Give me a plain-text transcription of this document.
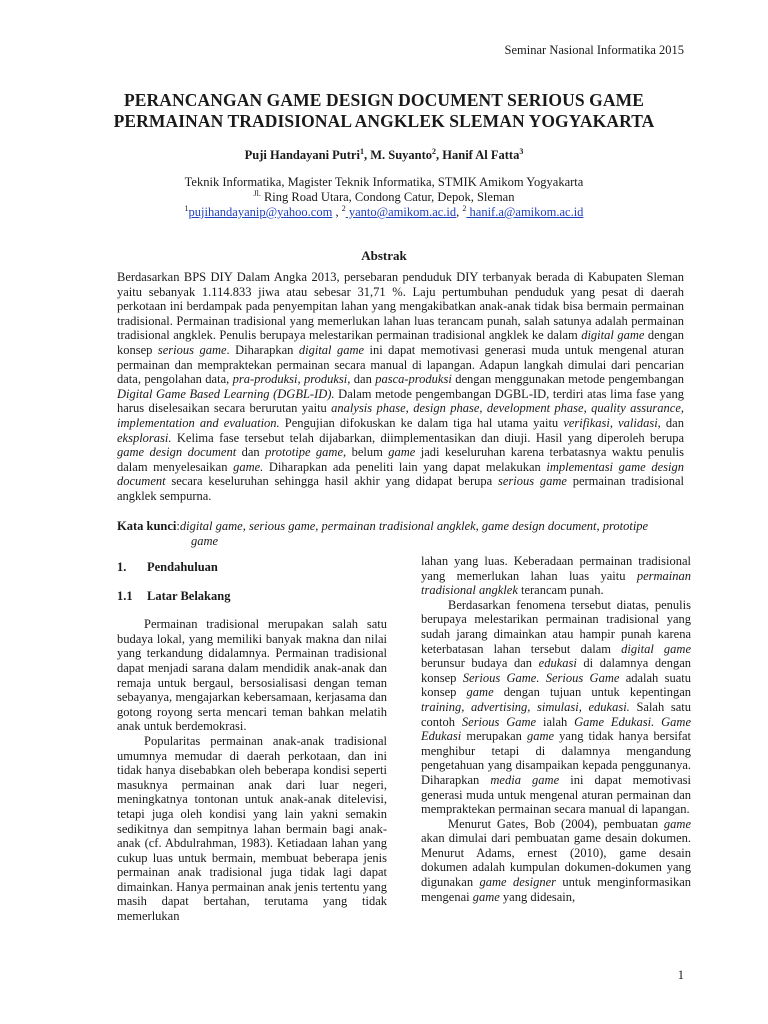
Seminar Nasional Informatika 2015
PERANCANGAN GAME DESIGN DOCUMENT SERIOUS GAME
PERMAINAN TRADISIONAL ANGKLEK SLEMAN YOGYAKARTA
Puji Handayani Putri$^1$, M. Suyanto$^2$, Hanif Al Fatta$^3$
Teknik Informatika, Magister Teknik Informatika, STMIK Amikom Yogyakarta
$^{Jl.}$ Ring Road Utara, Condong Catur, Depok, Sleman
$^1$pujihandayanip@yahoo.com , $^2$ yanto@amikom.ac.id, $^2$ hanif.a@amikom.ac.id
Abstrak

Berdasarkan BPS DIY Dalam Angka 2013, persebaran penduduk DIY terbanyak berada di Kabupaten Sleman yaitu sebanyak 1.114.833 jiwa atau sebesar 31,71 %. Laju pertumbuhan penduduk yang pesat di daerah perkotaan ini berdampak pada penyempitan lahan yang mengakibatkan anak-anak tidak bisa bermain permainan tradisional. Permainan tradisional yang memerlukan lahan luas terancam punah, salah satunya adalah permainan tradisional angklek. Penulis berupaya melestarikan permainan tradisional angklek ke dalam digital game dengan konsep serious game. Diharapkan digital game ini dapat memotivasi generasi muda untuk mengenal aturan permainan dan mempraktekan permainan secara manual di lapangan. Adapun langkah dimulai dari pencarian data, pengolahan data, pra-produksi, produksi, dan pasca-produksi dengan menggunakan metode pengembangan Digital Game Based Learning (DGBL-ID). Dalam metode pengembangan DGBL-ID, terdiri atas lima fase yang harus diselesaikan secara berurutan yaitu analysis phase, design phase, development phase, quality assurance, implementation and evaluation. Pengujian difokuskan ke dalam tiga hal utama yaitu verifikasi, validasi, dan eksplorasi. Kelima fase tersebut telah dijabarkan, diimplementasikan dan diuji. Hasil yang diperoleh berupa game design document dan prototipe game, belum game jadi keseluruhan karena terbatasnya waktu penulis dalam menyelesaikan game. Diharapkan ada peneliti lain yang dapat melakukan implementasi game design document secara keseluruhan sehingga hasil akhir yang didapat berupa serious game permainan tradisional angklek sempurna.

Kata kunci : digital game, serious game, permainan tradisional angklek, game design document, prototipe
game
1.	Pendahuluan
1.1	Latar Belakang

Permainan tradisional merupakan salah satu budaya lokal, yang memiliki banyak makna dan nilai yang terkandung didalamnya. Permainan tradisional dapat menjadi sarana dalam mendidik anak-anak dan remaja untuk bergaul, bersosialisasi dengan teman sebayanya, mengajarkan kebersamaan, kerjasama dan gotong royong serta mencari teman bahkan melatih anak untuk berdemokrasi.

Popularitas permainan anak-anak tradisional umumnya memudar di daerah perkotaan, dan ini tidak hanya disebabkan oleh beberapa kondisi seperti masuknya permainan anak dari luar negeri, meningkatnya tontonan untuk anak-anak ditelevisi, tetapi juga oleh kondisi yang lain yakni semakin sedikitnya dan sempitnya lahan bermain bagi anak-anak (cf. Abdulrahman, 1983). Ketiadaan lahan yang cukup luas untuk bermain, membuat beberapa jenis permainan anak tradisional juga tidak lagi dapat dimainkan. Hanya permainan anak jenis tertentu yang masih dapat bertahan, terutama yang tidak memerlukan

lahan yang luas. Keberadaan permainan tradisional yang memerlukan lahan luas yaitu permainan tradisional angklek terancam punah.

Berdasarkan fenomena tersebut diatas, penulis berupaya melestarikan permainan tradisional yang sudah jarang dimainkan atau hampir punah karena keterbatasan lahan tersebut dalam digital game berunsur budaya dan edukasi di dalamnya dengan konsep Serious Game. Serious Game adalah suatu konsep game dengan tujuan untuk kepentingan training, advertising, simulasi, edukasi. Salah satu contoh Serious Game ialah Game Edukasi. Game Edukasi merupakan game yang tidak hanya bersifat menghibur tetapi di dalamnya mengandung pengetahuan yang disampaikan kepada penggunanya. Diharapkan media game ini dapat memotivasi generasi muda untuk mengenal aturan permainan dan mempraktekan permainan secara manual di lapangan.

Menurut Gates, Bob (2004), pembuatan game akan dimulai dari pembuatan game desain dokumen. Menurut Adams, ernest (2010), game desain dokumen adalah kumpulan dokumen-dokumen yang digunakan game designer untuk menginformasikan mengenai game yang didesain,

1
